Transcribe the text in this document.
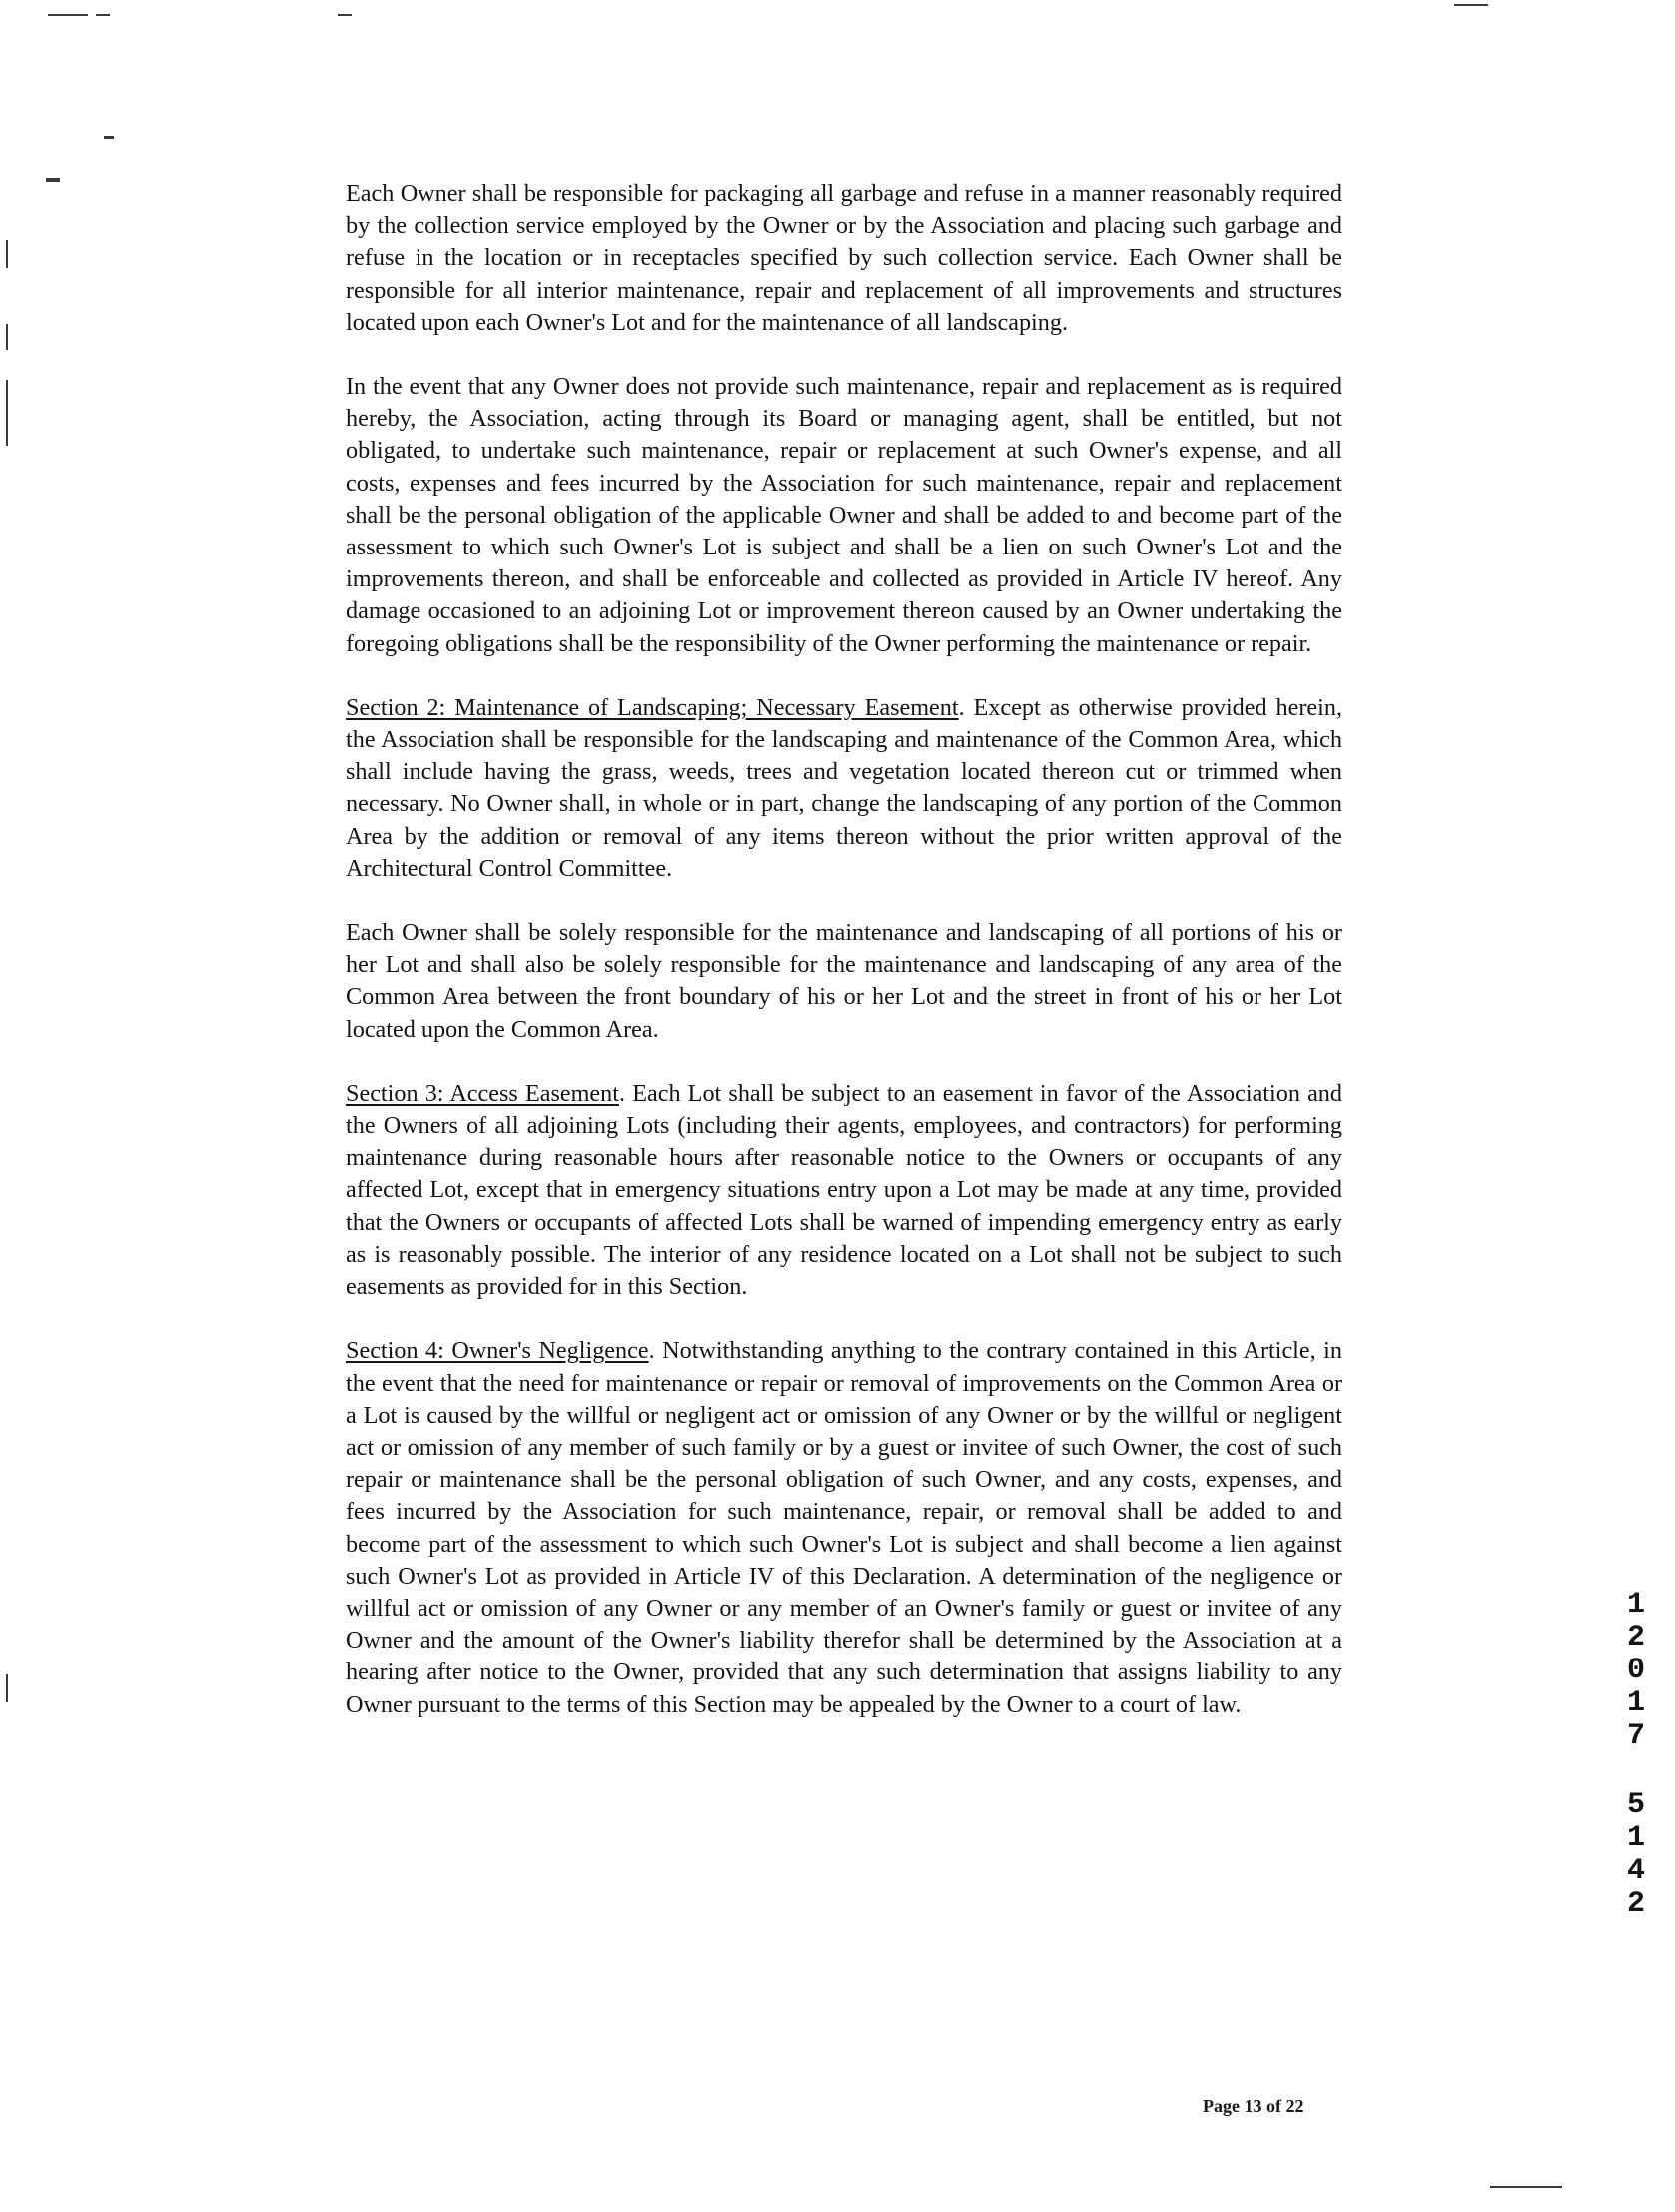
Each Owner shall be responsible for packaging all garbage and refuse in a manner reasonably required by the collection service employed by the Owner or by the Association and placing such garbage and refuse in the location or in receptacles specified by such collection service. Each Owner shall be responsible for all interior maintenance, repair and replacement of all improvements and structures located upon each Owner's Lot and for the maintenance of all landscaping.

In the event that any Owner does not provide such maintenance, repair and replacement as is required hereby, the Association, acting through its Board or managing agent, shall be entitled, but not obligated, to undertake such maintenance, repair or replacement at such Owner's expense, and all costs, expenses and fees incurred by the Association for such maintenance, repair and replacement shall be the personal obligation of the applicable Owner and shall be added to and become part of the assessment to which such Owner's Lot is subject and shall be a lien on such Owner's Lot and the improvements thereon, and shall be enforceable and collected as provided in Article IV hereof. Any damage occasioned to an adjoining Lot or improvement thereon caused by an Owner undertaking the foregoing obligations shall be the responsibility of the Owner performing the maintenance or repair.

Section 2: Maintenance of Landscaping; Necessary Easement. Except as otherwise provided herein, the Association shall be responsible for the landscaping and maintenance of the Common Area, which shall include having the grass, weeds, trees and vegetation located thereon cut or trimmed when necessary. No Owner shall, in whole or in part, change the landscaping of any portion of the Common Area by the addition or removal of any items thereon without the prior written approval of the Architectural Control Committee.

Each Owner shall be solely responsible for the maintenance and landscaping of all portions of his or her Lot and shall also be solely responsible for the maintenance and landscaping of any area of the Common Area between the front boundary of his or her Lot and the street in front of his or her Lot located upon the Common Area.

Section 3: Access Easement. Each Lot shall be subject to an easement in favor of the Association and the Owners of all adjoining Lots (including their agents, employees, and contractors) for performing maintenance during reasonable hours after reasonable notice to the Owners or occupants of any affected Lot, except that in emergency situations entry upon a Lot may be made at any time, provided that the Owners or occupants of affected Lots shall be warned of impending emergency entry as early as is reasonably possible. The interior of any residence located on a Lot shall not be subject to such easements as provided for in this Section.

Section 4: Owner's Negligence. Notwithstanding anything to the contrary contained in this Article, in the event that the need for maintenance or repair or removal of improvements on the Common Area or a Lot is caused by the willful or negligent act or omission of any Owner or by the willful or negligent act or omission of any member of such family or by a guest or invitee of such Owner, the cost of such repair or maintenance shall be the personal obligation of such Owner, and any costs, expenses, and fees incurred by the Association for such maintenance, repair, or removal shall be added to and become part of the assessment to which such Owner's Lot is subject and shall become a lien against such Owner's Lot as provided in Article IV of this Declaration. A determination of the negligence or willful act or omission of any Owner or any member of an Owner's family or guest or invitee of any Owner and the amount of the Owner's liability therefor shall be determined by the Association at a hearing after notice to the Owner, provided that any such determination that assigns liability to any Owner pursuant to the terms of this Section may be appealed by the Owner to a court of law.

1
2
0
1
7
5
1
4
2
Page 13 of 22
